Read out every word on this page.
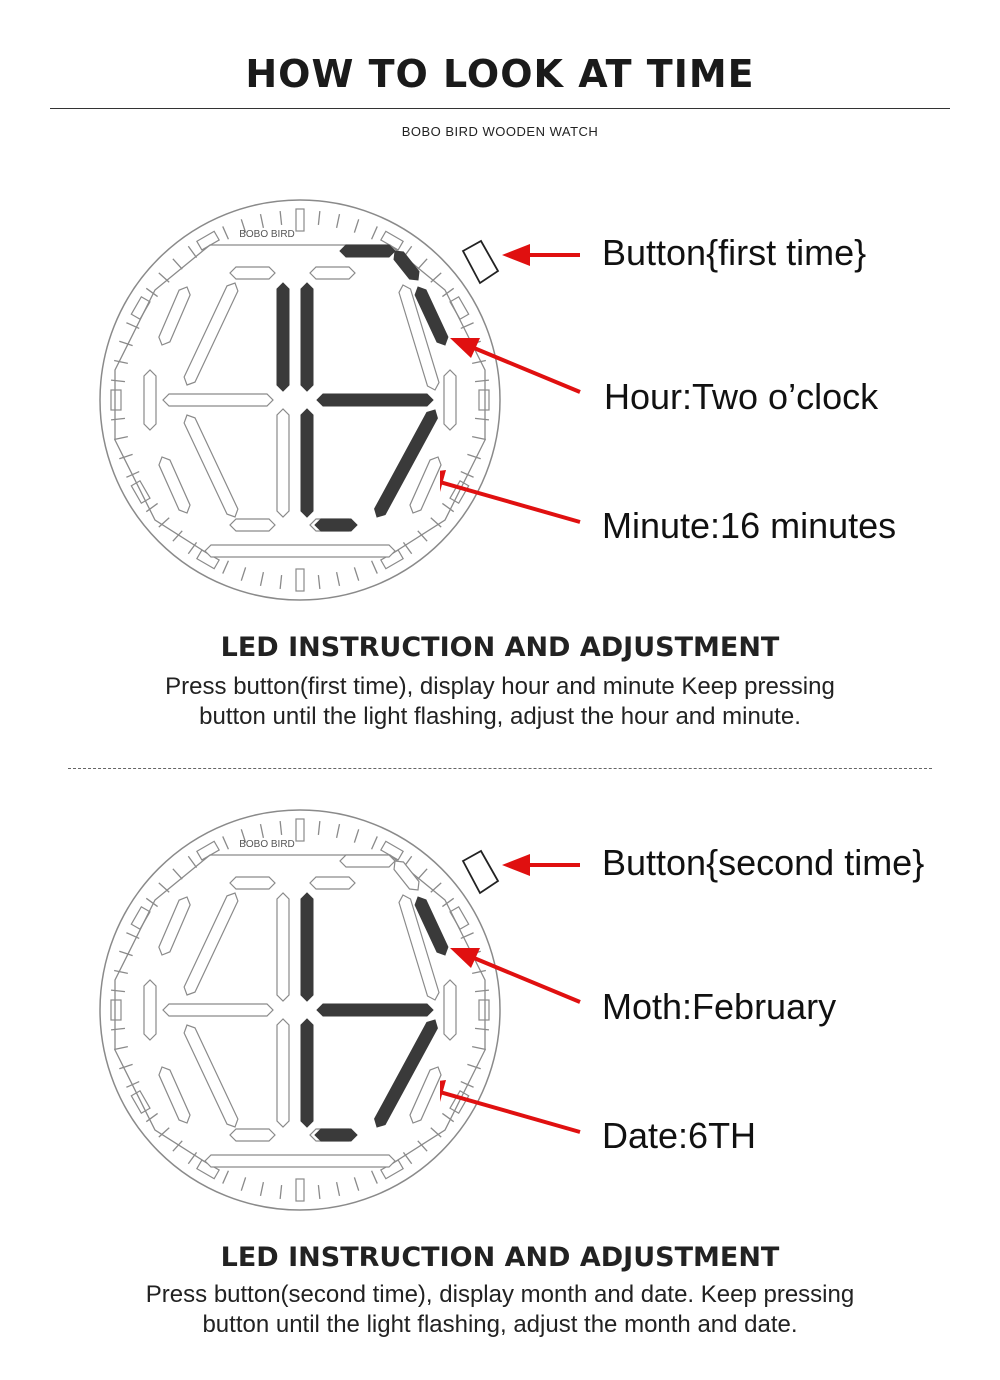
HOW TO LOOK AT TIME
BOBO BIRD WOODEN WATCH
BOBO BIRD	Button{first time}
Hour:Two o’clock
Minute:16 minutes
LED INSTRUCTION AND ADJUSTMENT
Press button(first time), display hour and minute Keep pressing
button until the light flashing, adjust the hour and minute.
BOBO BIRD	Button{second time}
Moth:February
Date:6TH
LED INSTRUCTION AND ADJUSTMENT
Press button(second time), display month and date. Keep pressing
button until the light flashing, adjust the month and date.
